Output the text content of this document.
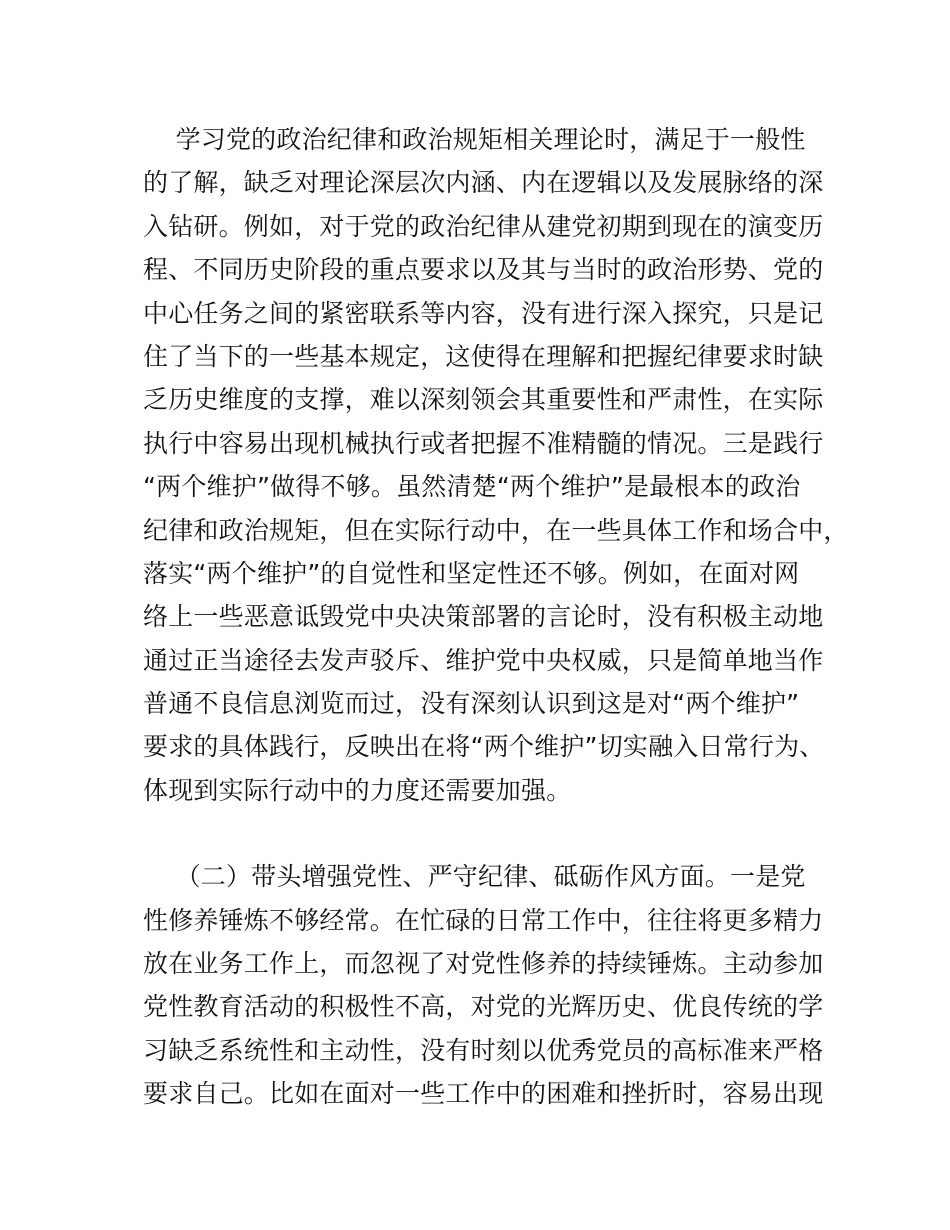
学习党的政治纪律和政治规矩相关理论时，满足于一般性
的了解，缺乏对理论深层次内涵、内在逻辑以及发展脉络的深
入钻研。例如，对于党的政治纪律从建党初期到现在的演变历
程、不同历史阶段的重点要求以及其与当时的政治形势、党的
中心任务之间的紧密联系等内容，没有进行深入探究，只是记
住了当下的一些基本规定，这使得在理解和把握纪律要求时缺
乏历史维度的支撑，难以深刻领会其重要性和严肃性，在实际
执行中容易出现机械执行或者把握不准精髓的情况。三是践行
“两个维护”做得不够。虽然清楚“两个维护”是最根本的政治
纪律和政治规矩，但在实际行动中，在一些具体工作和场合中，
落实“两个维护”的自觉性和坚定性还不够。例如，在面对网
络上一些恶意诋毁党中央决策部署的言论时，没有积极主动地
通过正当途径去发声驳斥、维护党中央权威，只是简单地当作
普通不良信息浏览而过，没有深刻认识到这是对“两个维护”
要求的具体践行，反映出在将“两个维护”切实融入日常行为、
体现到实际行动中的力度还需要加强。
（二）带头增强党性、严守纪律、砥砺作风方面。一是党
性修养锤炼不够经常。在忙碌的日常工作中，往往将更多精力
放在业务工作上，而忽视了对党性修养的持续锤炼。主动参加
党性教育活动的积极性不高，对党的光辉历史、优良传统的学
习缺乏系统性和主动性，没有时刻以优秀党员的高标准来严格
要求自己。比如在面对一些工作中的困难和挫折时，容易出现
